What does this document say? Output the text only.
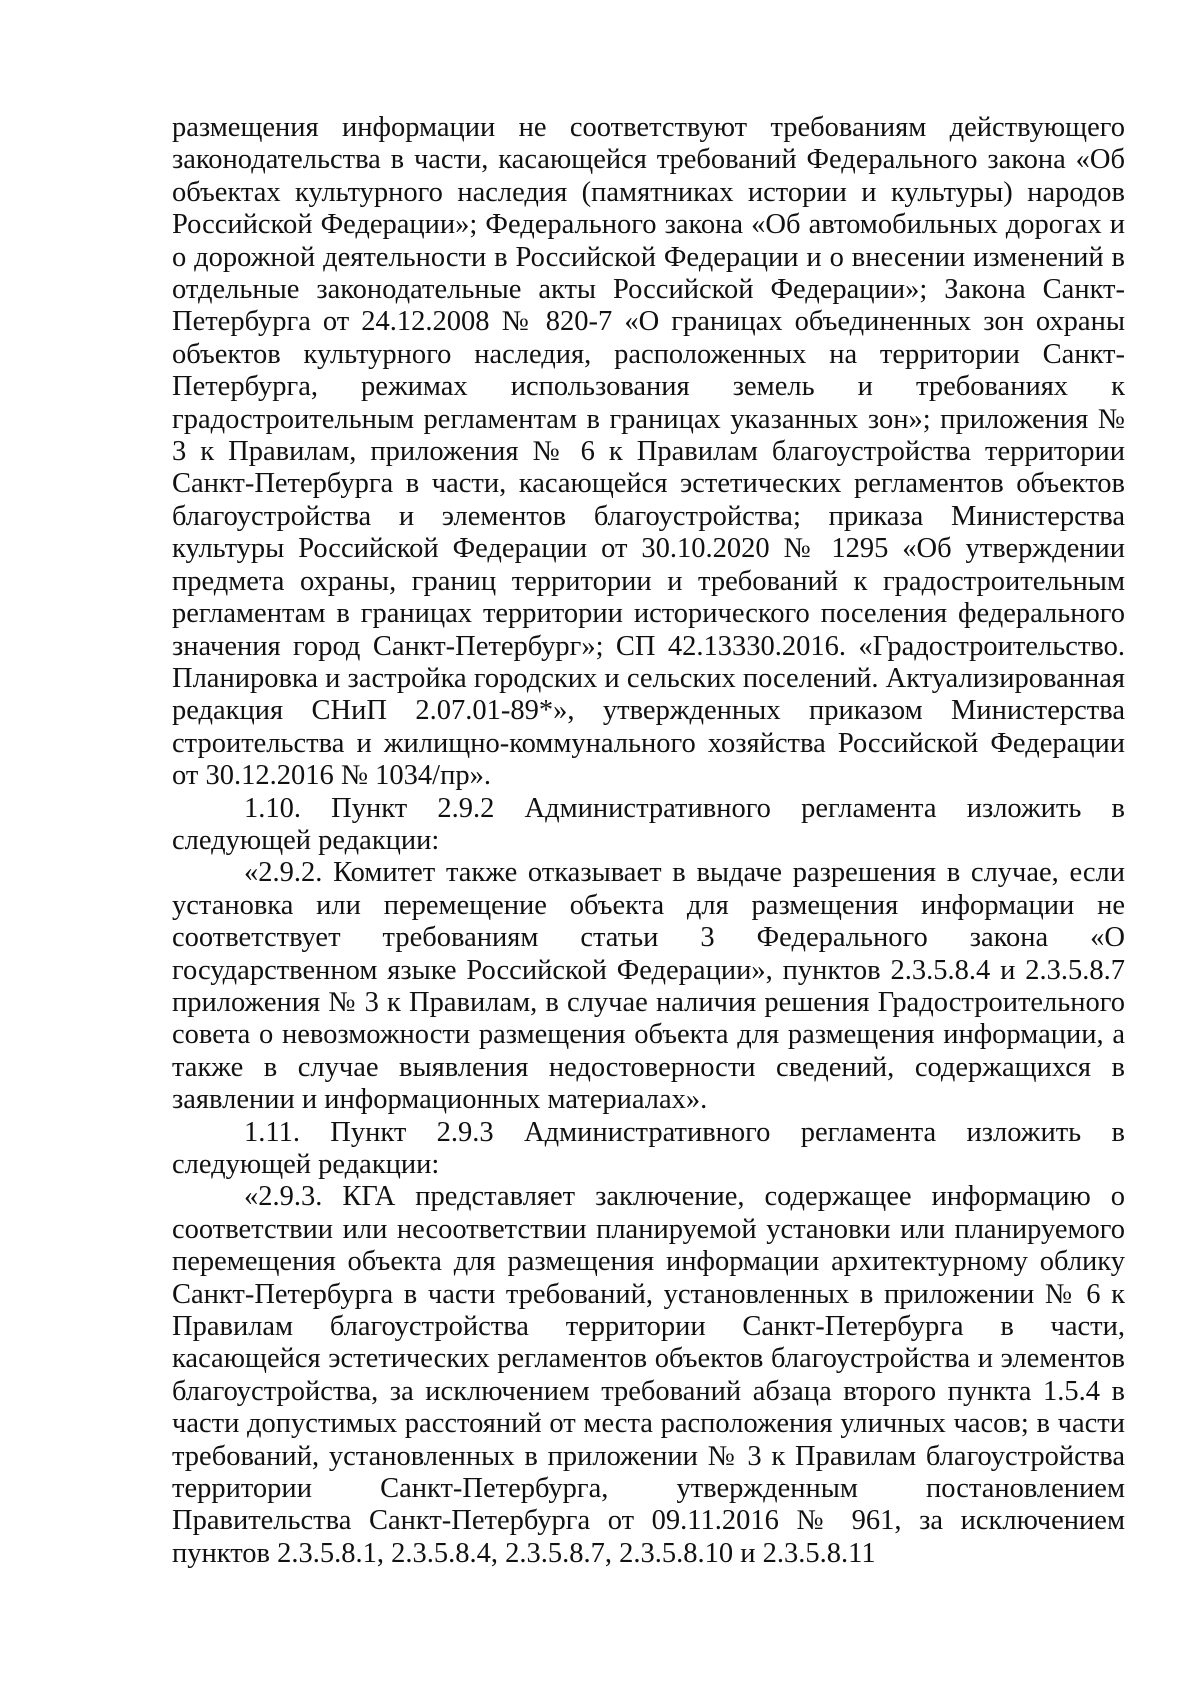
размещения информации не соответствуют требованиям действующего законодательства в части, касающейся требований Федерального закона «Об объектах культурного наследия (памятниках истории и культуры) народов Российской Федерации»; Федерального закона «Об автомобильных дорогах и о дорожной деятельности в Российской Федерации и о внесении изменений в отдельные законодательные акты Российской Федерации»; Закона Санкт-Петербурга от 24.12.2008 № 820-7 «О границах объединенных зон охраны объектов культурного наследия, расположенных на территории Санкт-Петербурга, режимах использования земель и требованиях к градостроительным регламентам в границах указанных зон»; приложения № 3 к Правилам, приложения № 6 к Правилам благоустройства территории Санкт-Петербурга в части, касающейся эстетических регламентов объектов благоустройства и элементов благоустройства; приказа Министерства культуры Российской Федерации от 30.10.2020 № 1295 «Об утверждении предмета охраны, границ территории и требований к градостроительным регламентам в границах территории исторического поселения федерального значения город Санкт-Петербург»; СП 42.13330.2016. «Градостроительство. Планировка и застройка городских и сельских поселений. Актуализированная редакция СНиП 2.07.01-89*», утвержденных приказом Министерства строительства и жилищно-коммунального хозяйства Российской Федерации от 30.12.2016 № 1034/пр».

1.10. Пункт 2.9.2 Административного регламента изложить в следующей редакции:

«2.9.2. Комитет также отказывает в выдаче разрешения в случае, если установка или перемещение объекта для размещения информации не соответствует требованиям статьи 3 Федерального закона «О государственном языке Российской Федерации», пунктов 2.3.5.8.4 и 2.3.5.8.7 приложения № 3 к Правилам, в случае наличия решения Градостроительного совета о невозможности размещения объекта для размещения информации, а также в случае выявления недостоверности сведений, содержащихся в заявлении и информационных материалах».

1.11. Пункт 2.9.3 Административного регламента изложить в следующей редакции:

«2.9.3. КГА представляет заключение, содержащее информацию о соответствии или несоответствии планируемой установки или планируемого перемещения объекта для размещения информации архитектурному облику Санкт-Петербурга в части требований, установленных в приложении № 6 к Правилам благоустройства территории Санкт-Петербурга в части, касающейся эстетических регламентов объектов благоустройства и элементов благоустройства, за исключением требований абзаца второго пункта 1.5.4 в части допустимых расстояний от места расположения уличных часов; в части требований, установленных в приложении № 3 к Правилам благоустройства территории Санкт-Петербурга, утвержденным постановлением Правительства Санкт-Петербурга от 09.11.2016 № 961, за исключением пунктов 2.3.5.8.1, 2.3.5.8.4, 2.3.5.8.7, 2.3.5.8.10 и 2.3.5.8.11
